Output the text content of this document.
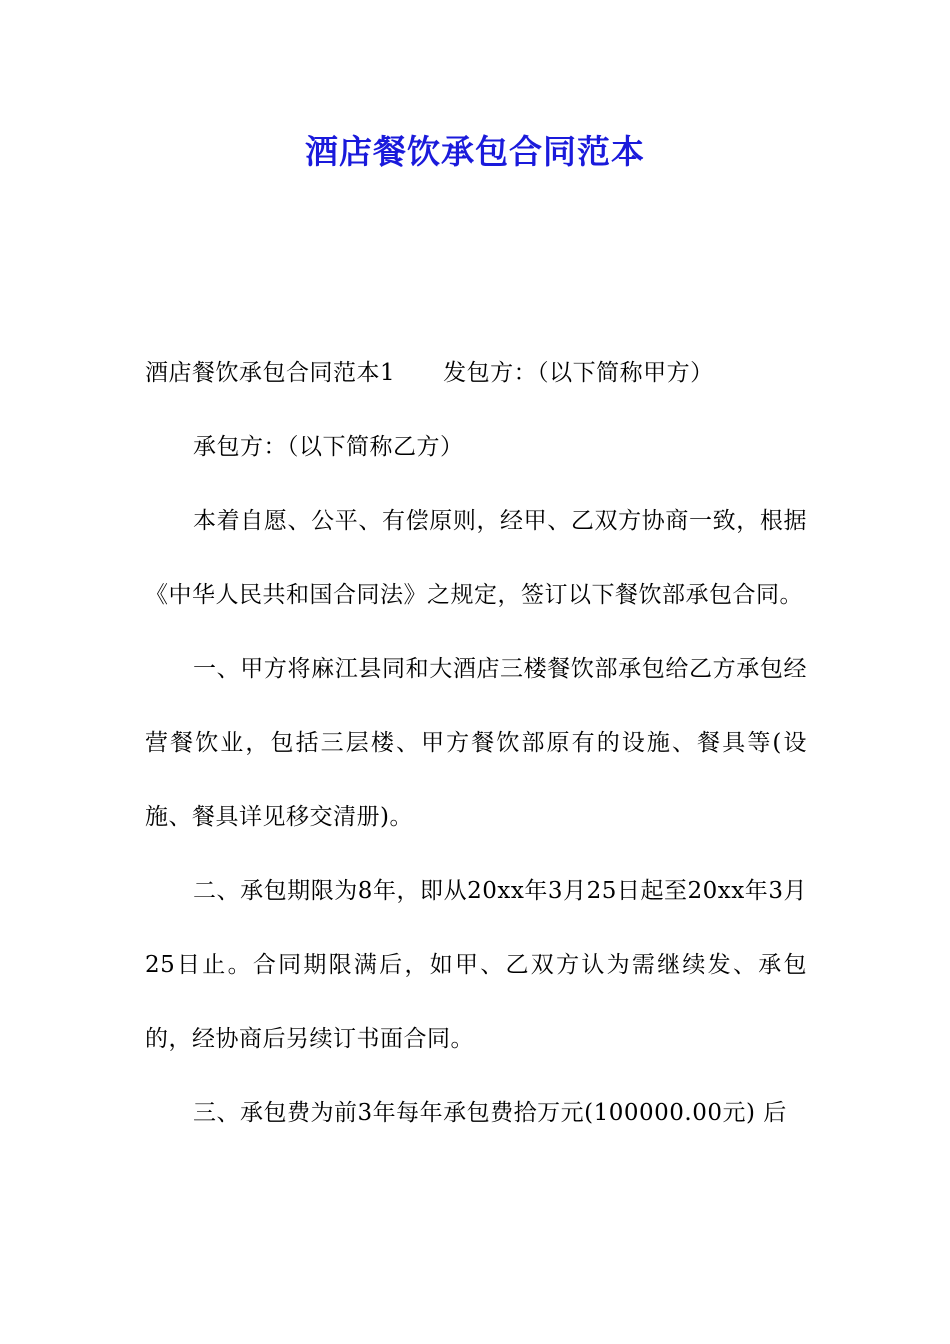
酒店餐饮承包合同范本

酒店餐饮承包合同范本1 发包方：（以下简称甲方）

承包方：（以下简称乙方）

本着自愿、公平、有偿原则，经甲、乙双方协商一致，根据《中华人民共和国合同法》之规定，签订以下餐饮部承包合同。

一、甲方将麻江县同和大酒店三楼餐饮部承包给乙方承包经营餐饮业，包括三层楼、甲方餐饮部原有的设施、餐具等(设施、餐具详见移交清册)。

二、承包期限为8年，即从20xx年3月25日起至20xx年3月25日止。合同期限满后，如甲、乙双方认为需继续发、承包的，经协商后另续订书面合同。

三、承包费为前3年每年承包费拾万元(100000.00元) 后
